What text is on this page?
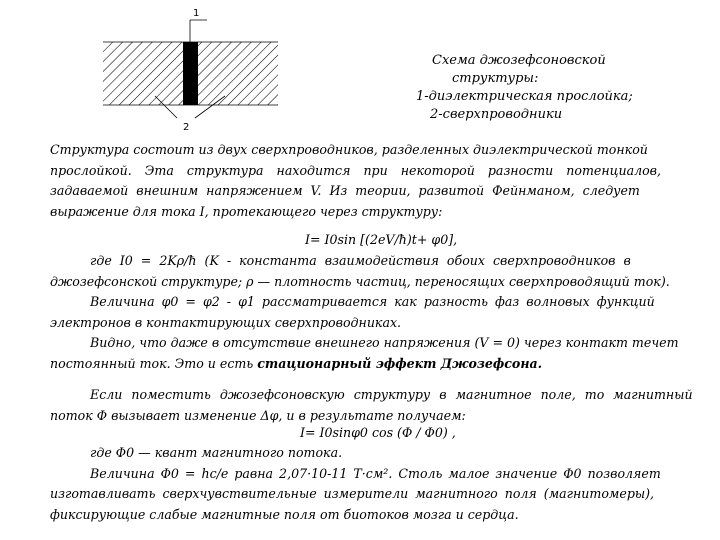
1
2
Схема джозефсоновской
структуры:
1-диэлектрическая прослойка;
2-сверхпроводники
Структура состоит из двух сверхпроводников, разделенных диэлектрической тонкой
прослойкой. Эта структура находится при некоторой разности потенциалов,
задаваемой внешним напряжением V. Из теории, развитой Фейнманом, следует
выражение для тока I, протекающего через структуру:
I= I0sin [(2eV/ħ)t+ φ0],
где I0 = 2Kρ/ħ (K - константа взаимодействия обоих сверхпроводников в
джозефсонской структуре; ρ — плотность частиц, переносящих сверхпроводящий ток).
Величина φ0 = φ2 - φ1 рассматривается как разность фаз волновых функций
электронов в контактирующих сверхпроводниках.
Видно, что даже в отсутствие внешнего напряжения (V = 0) через контакт течет
постоянный ток. Это и есть стационарный эффект Джозефсона.
Если поместить джозефсоновскую структуру в магнитное поле, то магнитный
поток Φ вызывает изменение Δφ, и в результате получаем:
I= I0sinφ0 cos (Φ / Φ0) ,
где Φ0 — квант магнитного потока.
Величина Φ0 = hc/e равна 2,07·10-11 T·cм². Столь малое значение Φ0 позволяет
изготавливать сверхчувствительные измерители магнитного поля (магнитомеры),
фиксирующие слабые магнитные поля от биотоков мозга и сердца.
